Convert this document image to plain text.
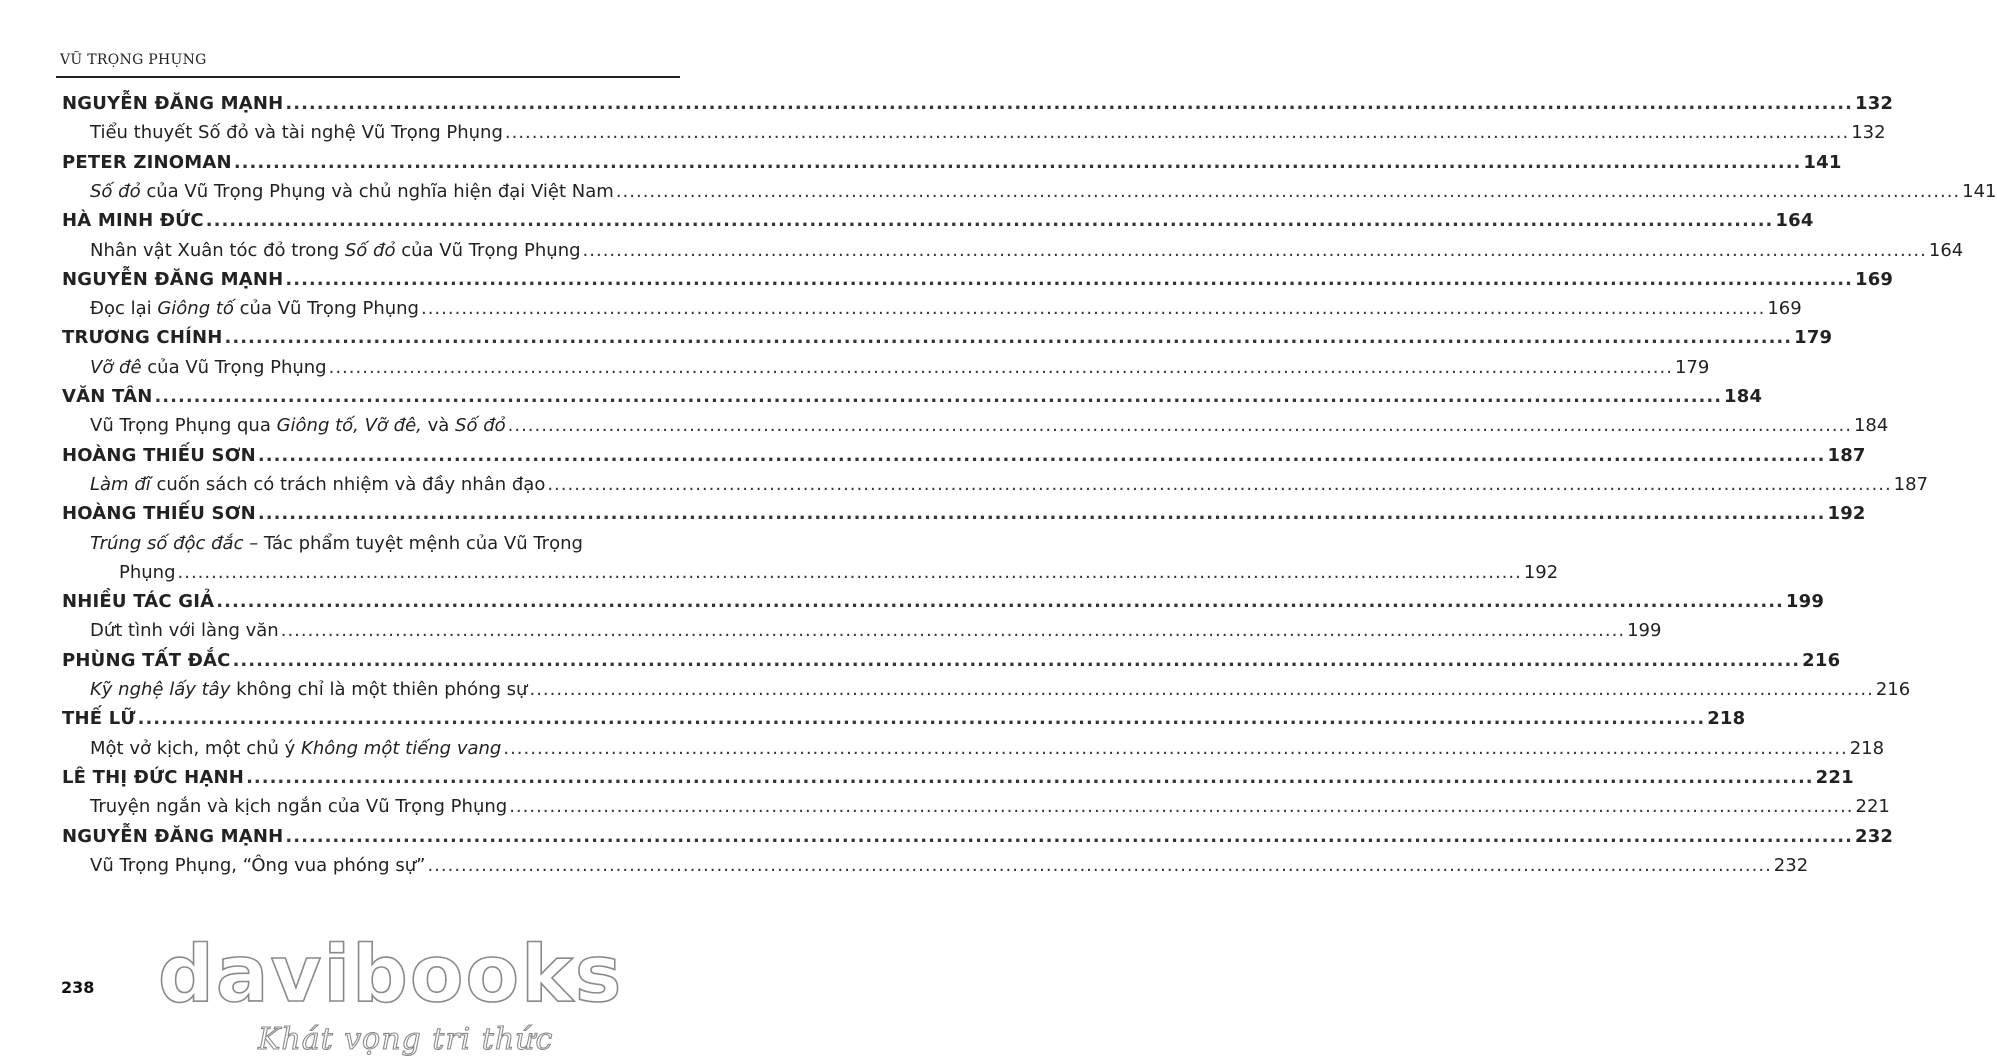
VŨ TRỌNG PHỤNG
NGUYỄN ĐĂNG MẠNH ........................................................................................................................................................................................................ 132
Tiểu thuyết Số đỏ và tài nghệ Vũ Trọng Phụng ........................................................................................................................................................................................................ 132
PETER ZINOMAN ........................................................................................................................................................................................................ 141
Số đỏ của Vũ Trọng Phụng và chủ nghĩa hiện đại Việt Nam ........................................................................................................................................................................................................ 141
HÀ MINH ĐỨC ........................................................................................................................................................................................................ 164
Nhân vật Xuân tóc đỏ trong Số đỏ của Vũ Trọng Phụng ........................................................................................................................................................................................................ 164
NGUYỄN ĐĂNG MẠNH ........................................................................................................................................................................................................ 169
Đọc lại Giông tố của Vũ Trọng Phụng ........................................................................................................................................................................................................ 169
TRƯƠNG CHÍNH ........................................................................................................................................................................................................ 179
Vỡ đê của Vũ Trọng Phụng ........................................................................................................................................................................................................ 179
VĂN TÂN ........................................................................................................................................................................................................ 184
Vũ Trọng Phụng qua Giông tố, Vỡ đê, và Số đỏ ........................................................................................................................................................................................................ 184
HOÀNG THIẾU SƠN ........................................................................................................................................................................................................ 187
Làm đĩ cuốn sách có trách nhiệm và đầy nhân đạo ........................................................................................................................................................................................................ 187
HOÀNG THIẾU SƠN ........................................................................................................................................................................................................ 192
Trúng số độc đắc – Tác phẩm tuyệt mệnh của Vũ Trọng
Phụng ........................................................................................................................................................................................................ 192
NHIỀU TÁC GIẢ ........................................................................................................................................................................................................ 199
Dứt tình với làng văn ........................................................................................................................................................................................................ 199
PHÙNG TẤT ĐẮC ........................................................................................................................................................................................................ 216
Kỹ nghệ lấy tây không chỉ là một thiên phóng sự ........................................................................................................................................................................................................ 216
THẾ LỮ ........................................................................................................................................................................................................ 218
Một vở kịch, một chủ ý Không một tiếng vang ........................................................................................................................................................................................................ 218
LÊ THỊ ĐỨC HẠNH ........................................................................................................................................................................................................ 221
Truyện ngắn và kịch ngắn của Vũ Trọng Phụng ........................................................................................................................................................................................................ 221
NGUYỄN ĐĂNG MẠNH ........................................................................................................................................................................................................ 232
Vũ Trọng Phụng, “Ông vua phóng sự” ........................................................................................................................................................................................................ 232
238 davibooks
Khát vọng tri thức
